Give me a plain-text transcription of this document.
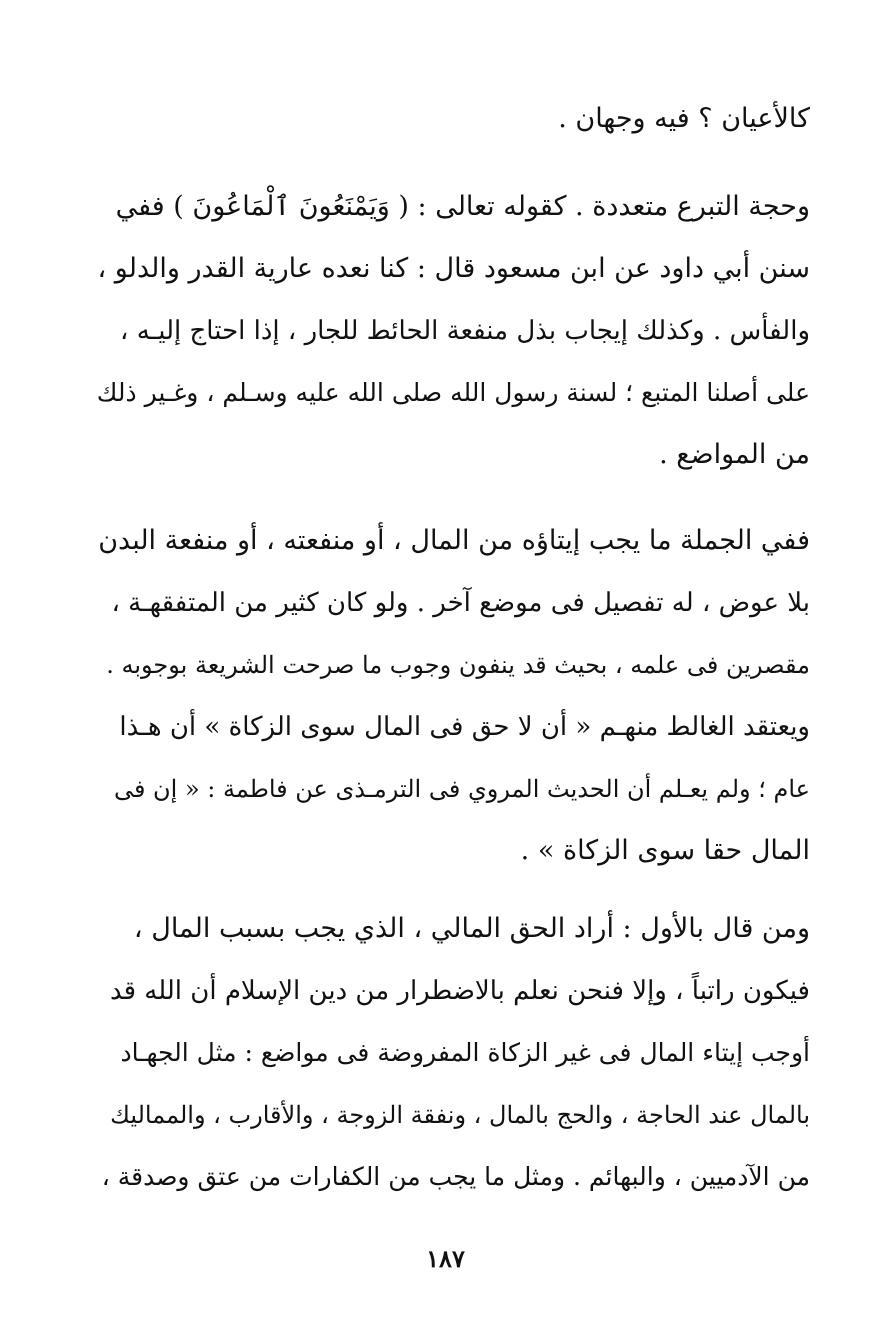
كالأعيان ؟ فيه وجهان .
وحجة التبرع متعددة . كقوله تعالى : ( وَيَمْنَعُونَ ٱلْمَاعُونَ ) ففي
سنن أبي داود عن ابن مسعود قال : كنا نعده عارية القدر والدلو ،
والفأس . وكذلك إيجاب بذل منفعة الحائط للجار ، إذا احتاج إليـه ،
على أصلنا المتبع ؛ لسنة رسول الله صلى الله عليه وسـلم ، وغـير ذلك
من المواضع .
ففي الجملة ما يجب إيتاؤه من المال ، أو منفعته ، أو منفعة البدن
بلا عوض ، له تفصيل فى موضع آخر . ولو كان كثير من المتفقهـة ،
مقصرين فى علمه ، بحيث قد ينفون وجوب ما صرحت الشريعة بوجوبه .
ويعتقد الغالط منهـم « أن لا حق فى المال سوى الزكاة » أن هـذا
عام ؛ ولم يعـلم أن الحديث المروي فى الترمـذى عن فاطمة : « إن فى
المال حقا سوى الزكاة » .
ومن قال بالأول : أراد الحق المالي ، الذي يجب بسبب المال ،
فيكون راتباً ، وإلا فنحن نعلم بالاضطرار من دين الإسلام أن الله قد
أوجب إيتاء المال فى غير الزكاة المفروضة فى مواضع : مثل الجهـاد
بالمال عند الحاجة ، والحج بالمال ، ونفقة الزوجة ، والأقارب ، والمماليك
من الآدميين ، والبهائم . ومثل ما يجب من الكفارات من عتق وصدقة ،
١٨٧
